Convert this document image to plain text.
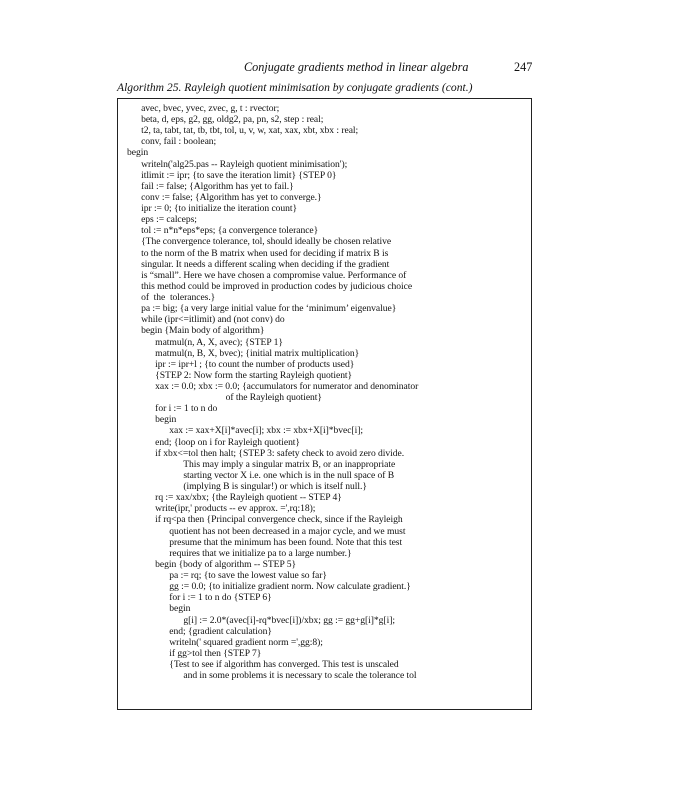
Conjugate gradients method in linear algebra	247
Algorithm 25. Rayleigh quotient minimisation by conjugate gradients (cont.)
avec, bvec, yvec, zvec, g, t : rvector;
beta, d, eps, g2, gg, oldg2, pa, pn, s2, step : real;
t2, ta, tabt, tat, tb, tbt, tol, u, v, w, xat, xax, xbt, xbx : real;
conv, fail : boolean;
begin
writeln('alg25.pas -- Rayleigh quotient minimisation');
itlimit := ipr; {to save the iteration limit} {STEP 0}
fail := false; {Algorithm has yet to fail.}
conv := false; {Algorithm has yet to converge.}
ipr := 0; {to initialize the iteration count}
eps := calceps;
tol := n*n*eps*eps; {a convergence tolerance}
{The convergence tolerance, tol, should ideally be chosen relative
to the norm of the B matrix when used for deciding if matrix B is
singular. It needs a different scaling when deciding if the gradient
is “small”. Here we have chosen a compromise value. Performance of
this method could be improved in production codes by judicious choice
of  the  tolerances.}
pa := big; {a very large initial value for the ‘minimum’ eigenvalue}
while (ipr<=itlimit) and (not conv) do
begin {Main body of algorithm}
matmul(n, A, X, avec); {STEP 1}
matmul(n, B, X, bvec); {initial matrix multiplication}
ipr := ipr+l ; {to count the number of products used}
{STEP 2: Now form the starting Rayleigh quotient}
xax := 0.0; xbx := 0.0; {accumulators for numerator and denominator
of the Rayleigh quotient}
for i := 1 to n do
begin
xax := xax+X[i]*avec[i]; xbx := xbx+X[i]*bvec[i];
end; {loop on i for Rayleigh quotient}
if xbx<=tol then halt; {STEP 3: safety check to avoid zero divide.
This may imply a singular matrix B, or an inappropriate
starting vector X i.e. one which is in the null space of B
(implying B is singular!) or which is itself null.}
rq := xax/xbx; {the Rayleigh quotient -- STEP 4}
write(ipr,' products -- ev approx. =',rq:18);
if rq<pa then {Principal convergence check, since if the Rayleigh
quotient has not been decreased in a major cycle, and we must
presume that the minimum has been found. Note that this test
requires that we initialize pa to a large number.}
begin {body of algorithm -- STEP 5}
pa := rq; {to save the lowest value so far}
gg := 0.0; {to initialize gradient norm. Now calculate gradient.}
for i := 1 to n do {STEP 6}
begin
g[i] := 2.0*(avec[i]-rq*bvec[i])/xbx; gg := gg+g[i]*g[i];
end; {gradient calculation}
writeln(' squared gradient norm =',gg:8);
if gg>tol then {STEP 7}
{Test to see if algorithm has converged. This test is unscaled
and in some problems it is necessary to scale the tolerance tol
